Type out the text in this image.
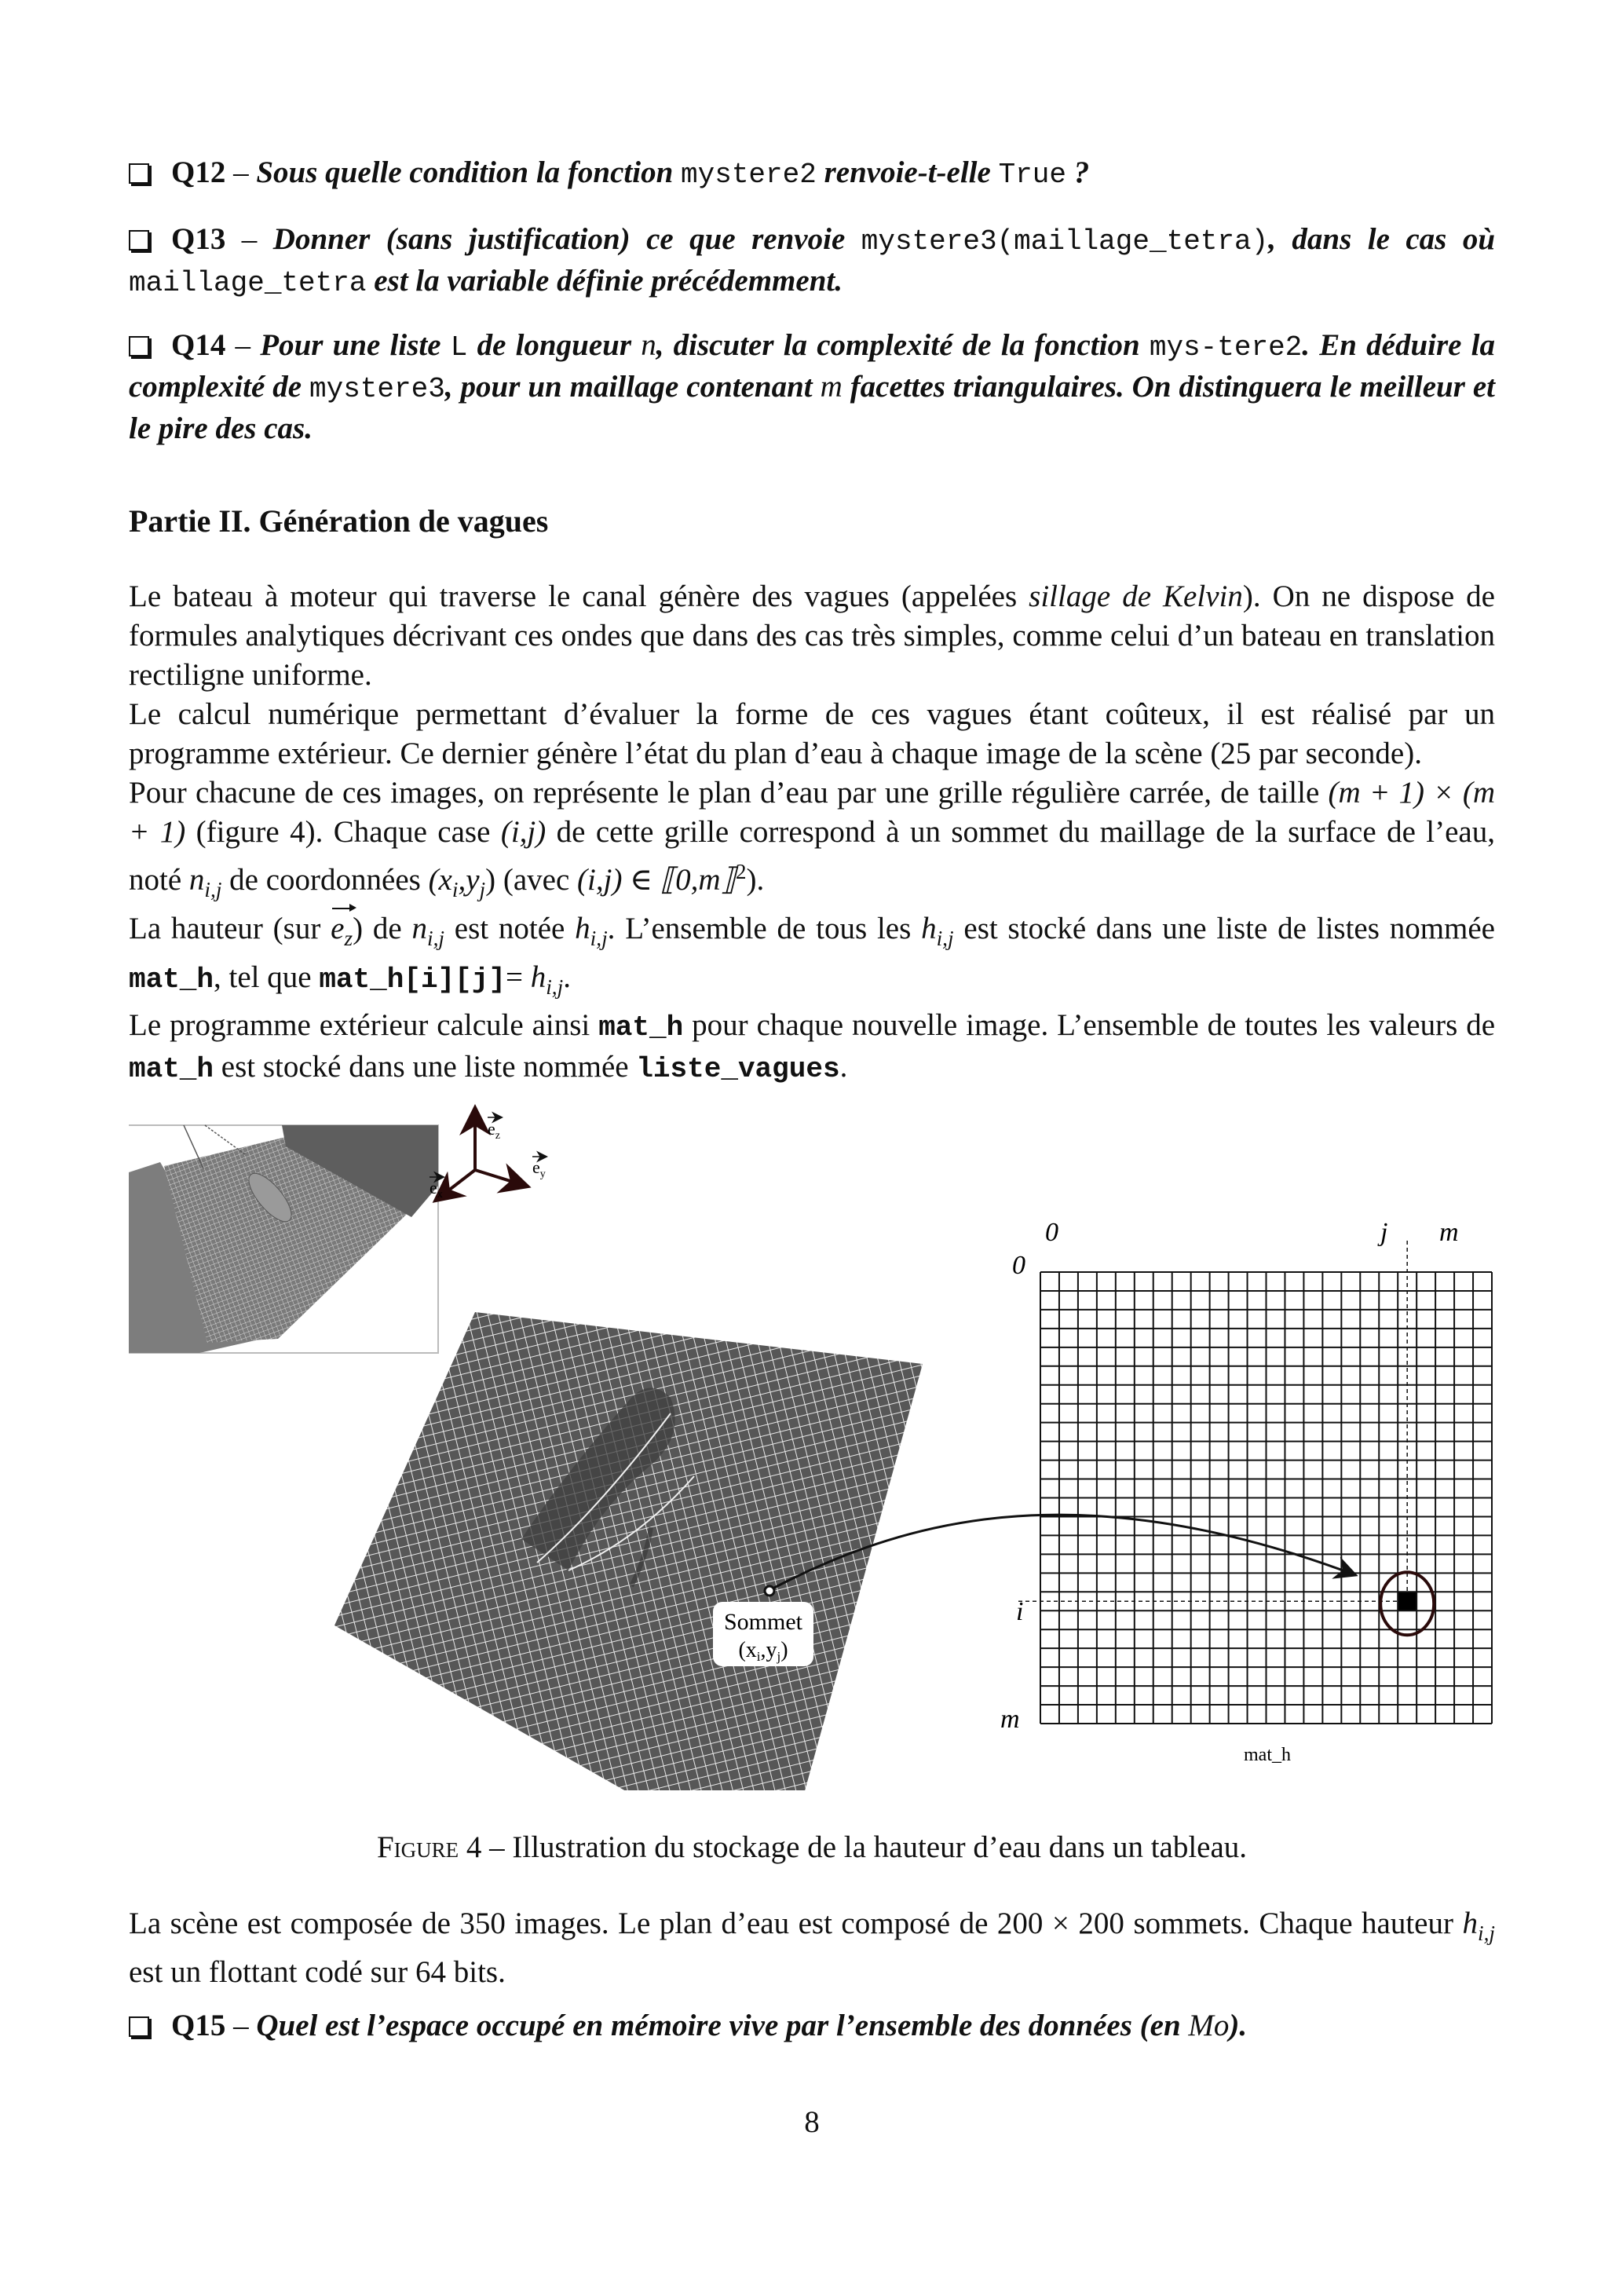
Q12 – Sous quelle condition la fonction mystere2 renvoie-t-elle True ?
Q13 – Donner (sans justification) ce que renvoie mystere3(maillage_tetra), dans le cas où maillage_tetra est la variable définie précédemment.
Q14 – Pour une liste L de longueur n, discuter la complexité de la fonction mys-tere2. En déduire la complexité de mystere3, pour un maillage contenant m facettes triangulaires. On distinguera le meilleur et le pire des cas.
Partie II. Génération de vagues

Le bateau à moteur qui traverse le canal génère des vagues (appelées sillage de Kelvin). On ne dispose de formules analytiques décrivant ces ondes que dans des cas très simples, comme celui d’un bateau en translation rectiligne uniforme.

Le calcul numérique permettant d’évaluer la forme de ces vagues étant coûteux, il est réalisé par un programme extérieur. Ce dernier génère l’état du plan d’eau à chaque image de la scène (25 par seconde).

Pour chacune de ces images, on représente le plan d’eau par une grille régulière carrée, de taille (m + 1) × (m + 1) (figure 4). Chaque case (i,j) de cette grille correspond à un sommet du maillage de la surface de l’eau, noté $n_{i,j}$ de coordonnées $(x_i,y_j)$ (avec (i,j) ∈ ⟦0,m⟧$^2$).

La hauteur (sur $e_z$) de $n_{i,j}$ est notée $h_{i,j}$. L’ensemble de tous les $h_{i,j}$ est stocké dans une liste de listes nommée mat_h, tel que mat_h[i][j]= $h_{i,j}$.

Le programme extérieur calcule ainsi mat_h pour chaque nouvelle image. L’ensemble de toutes les valeurs de mat_h est stocké dans une liste nommée liste_vagues.

$e_z$
$e_y$
$e_x$
Sommet
(xi,yj)
0	j m
0
i
m
mat_h
Figure 4 – Illustration du stockage de la hauteur d’eau dans un tableau.

La scène est composée de 350 images. Le plan d’eau est composé de 200 × 200 sommets. Chaque hauteur $h_{i,j}$ est un flottant codé sur 64 bits.

Q15 – Quel est l’espace occupé en mémoire vive par l’ensemble des données (en Mo).
8
